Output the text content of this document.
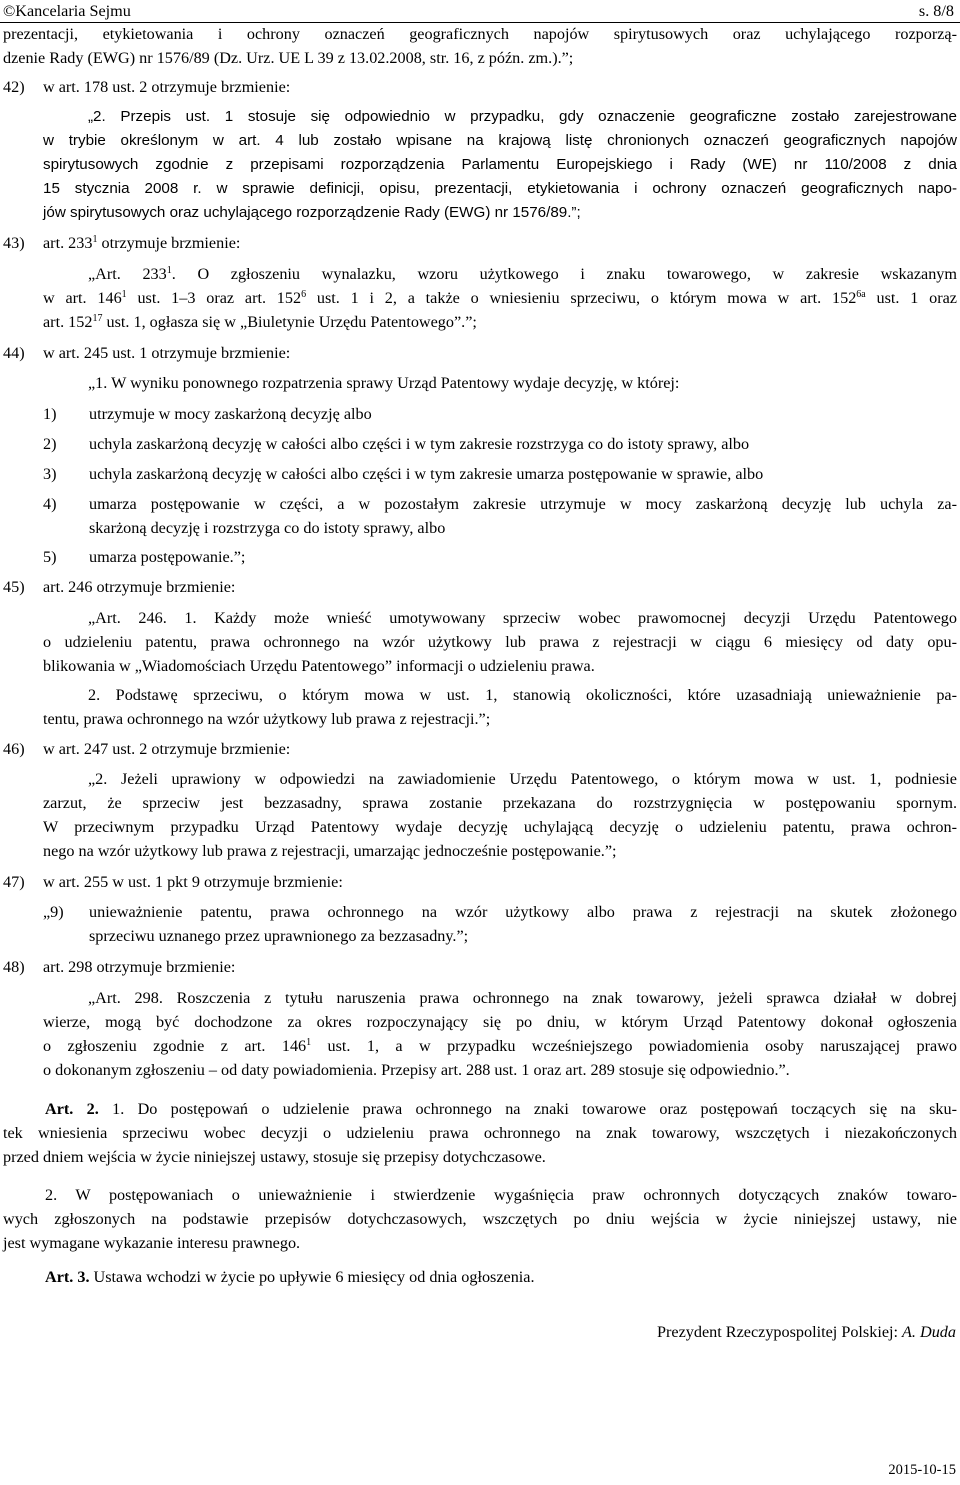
©Kancelaria Sejmu	s. 8/8
prezentacji, etykietowania i ochrony oznaczeń geograficznych napojów spirytusowych oraz uchylającego rozporzą-
dzenie Rady (EWG) nr 1576/89 (Dz. Urz. UE L 39 z 13.02.2008, str. 16, z późn. zm.).”;
42) w art. 178 ust. 2 otrzymuje brzmienie:
„2. Przepis ust. 1 stosuje się odpowiednio w przypadku, gdy oznaczenie geograficzne zostało zarejestrowane
w trybie określonym w art. 4 lub zostało wpisane na krajową listę chronionych oznaczeń geograficznych napojów
spirytusowych zgodnie z przepisami rozporządzenia Parlamentu Europejskiego i Rady (WE) nr 110/2008 z dnia
15 stycznia 2008 r. w sprawie definicji, opisu, prezentacji, etykietowania i ochrony oznaczeń geograficznych napo-
jów spirytusowych oraz uchylającego rozporządzenie Rady (EWG) nr 1576/89.”;
43) art. $233^1$ otrzymuje brzmienie:
„Art. $233^1$. O zgłoszeniu wynalazku, wzoru użytkowego i znaku towarowego, w zakresie wskazanym
w art. $146^1$ ust. 1–3 oraz art. $152^6$ ust. 1 i 2, a także o wniesieniu sprzeciwu, o którym mowa w art. $152^{6a}$ ust. 1 oraz
art. $152^{17}$ ust. 1, ogłasza się w „Biuletynie Urzędu Patentowego”.”;
44) w art. 245 ust. 1 otrzymuje brzmienie:
„1. W wyniku ponownego rozpatrzenia sprawy Urząd Patentowy wydaje decyzję, w której:
1) utrzymuje w mocy zaskarżoną decyzję albo
2) uchyla zaskarżoną decyzję w całości albo części i w tym zakresie rozstrzyga co do istoty sprawy, albo
3) uchyla zaskarżoną decyzję w całości albo części i w tym zakresie umarza postępowanie w sprawie, albo
4) umarza postępowanie w części, a w pozostałym zakresie utrzymuje w mocy zaskarżoną decyzję lub uchyla za-
skarżoną decyzję i rozstrzyga co do istoty sprawy, albo
5) umarza postępowanie.”;
45) art. 246 otrzymuje brzmienie:
„Art. 246. 1. Każdy może wnieść umotywowany sprzeciw wobec prawomocnej decyzji Urzędu Patentowego
o udzieleniu patentu, prawa ochronnego na wzór użytkowy lub prawa z rejestracji w ciągu 6 miesięcy od daty opu-
blikowania w „Wiadomościach Urzędu Patentowego” informacji o udzieleniu prawa.
2. Podstawę sprzeciwu, o którym mowa w ust. 1, stanowią okoliczności, które uzasadniają unieważnienie pa-
tentu, prawa ochronnego na wzór użytkowy lub prawa z rejestracji.”;
46) w art. 247 ust. 2 otrzymuje brzmienie:
„2. Jeżeli uprawiony w odpowiedzi na zawiadomienie Urzędu Patentowego, o którym mowa w ust. 1, podniesie
zarzut, że sprzeciw jest bezzasadny, sprawa zostanie przekazana do rozstrzygnięcia w postępowaniu spornym.
W przeciwnym przypadku Urząd Patentowy wydaje decyzję uchylającą decyzję o udzieleniu patentu, prawa ochron-
nego na wzór użytkowy lub prawa z rejestracji, umarzając jednocześnie postępowanie.”;
47) w art. 255 w ust. 1 pkt 9 otrzymuje brzmienie:
„9) unieważnienie patentu, prawa ochronnego na wzór użytkowy albo prawa z rejestracji na skutek złożonego
sprzeciwu uznanego przez uprawnionego za bezzasadny.”;
48) art. 298 otrzymuje brzmienie:
„Art. 298. Roszczenia z tytułu naruszenia prawa ochronnego na znak towarowy, jeżeli sprawca działał w dobrej
wierze, mogą być dochodzone za okres rozpoczynający się po dniu, w którym Urząd Patentowy dokonał ogłoszenia
o zgłoszeniu zgodnie z art. $146^1$ ust. 1, a w przypadku wcześniejszego powiadomienia osoby naruszającej prawo
o dokonanym zgłoszeniu – od daty powiadomienia. Przepisy art. 288 ust. 1 oraz art. 289 stosuje się odpowiednio.”.
Art. 2. 1. Do postępowań o udzielenie prawa ochronnego na znaki towarowe oraz postępowań toczących się na sku-
tek wniesienia sprzeciwu wobec decyzji o udzieleniu prawa ochronnego na znak towarowy, wszczętych i niezakończonych
przed dniem wejścia w życie niniejszej ustawy, stosuje się przepisy dotychczasowe.
2. W postępowaniach o unieważnienie i stwierdzenie wygaśnięcia praw ochronnych dotyczących znaków towaro-
wych zgłoszonych na podstawie przepisów dotychczasowych, wszczętych po dniu wejścia w życie niniejszej ustawy, nie
jest wymagane wykazanie interesu prawnego.
Art. 3. Ustawa wchodzi w życie po upływie 6 miesięcy od dnia ogłoszenia.
Prezydent Rzeczypospolitej Polskiej: A. Duda
2015-10-15
